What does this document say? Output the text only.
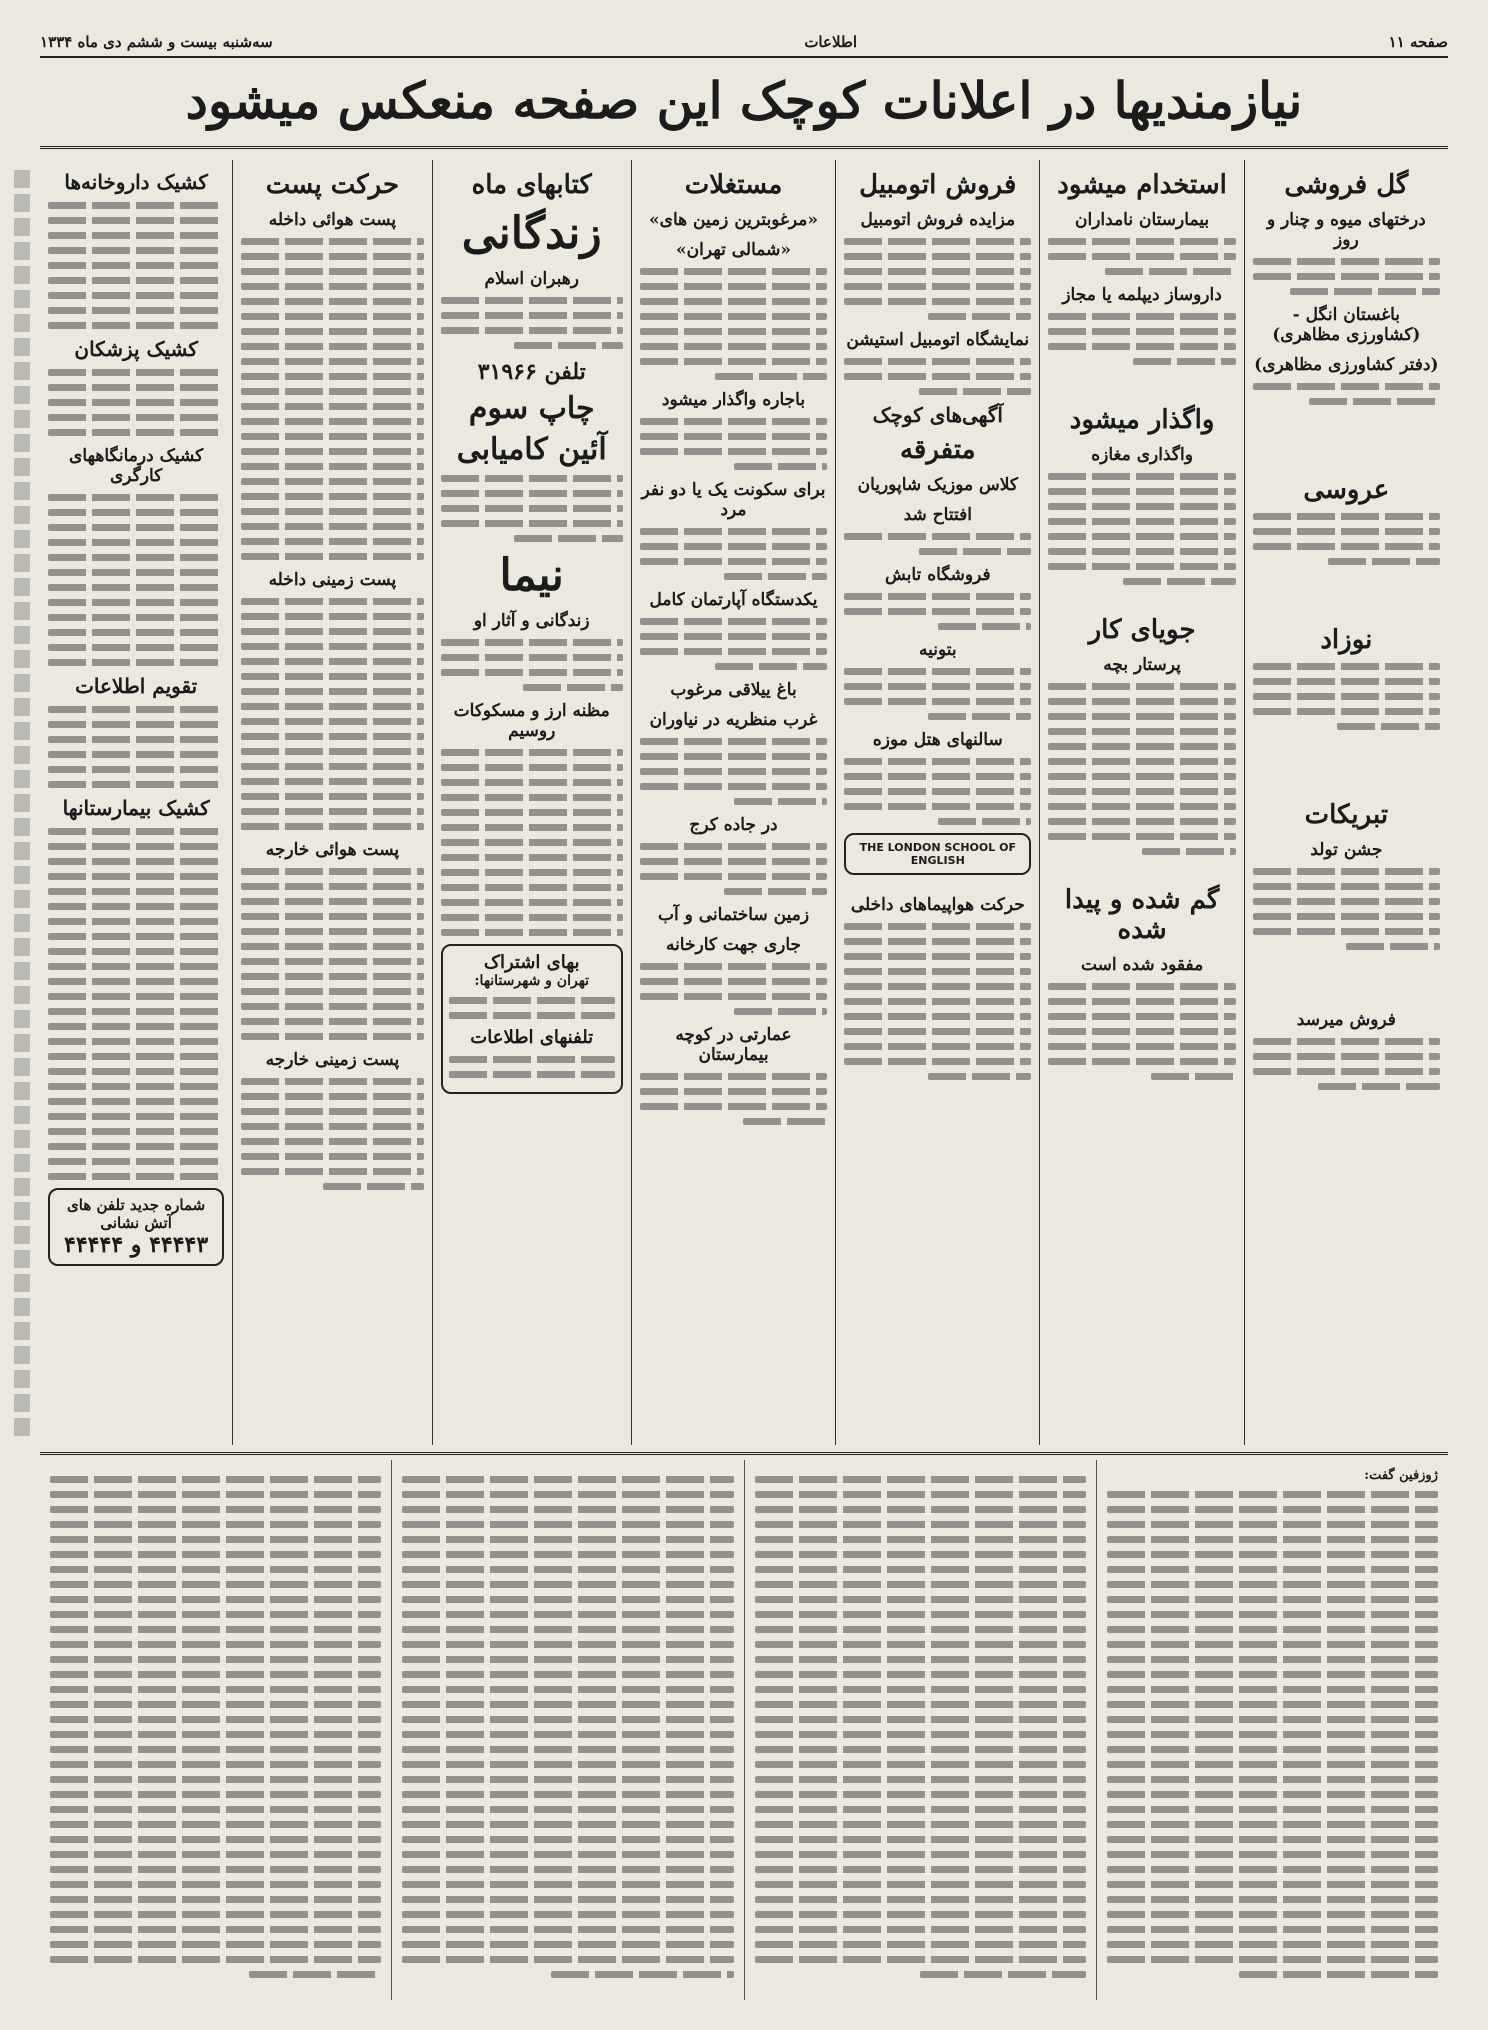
صفحه ۱۱
اطلاعات
سه‌شنبه بیست و ششم دی ماه ۱۳۳۴
نیازمندیها در اعلانات کوچک این صفحه منعکس میشود
گل فروشی
درختهای میوه و چنار و روز
باغستان انگل - (کشاورزی مظاهری)
(دفتر کشاورزی مظاهری)
عروسی
نوزاد
تبریکات
جشن تولد
فروش میرسد
استخدام میشود
بیمارستان نامداران
داروساز دیپلمه یا مجاز
واگذار میشود
واگذاری مغازه
جویای کار
پرستار بچه
گم شده و پیدا شده
مفقود شده است
فروش اتومبیل
مزایده فروش اتومبیل
نمایشگاه اتومبیل استیشن
آگهی‌های کوچک
متفرقه
کلاس موزیک شاپوریان
افتتاح شد
فروشگاه تابش
بتونیه
سالنهای هتل موزه
THE LONDON SCHOOL OF ENGLISH
حرکت هواپیماهای داخلی
مستغلات
«مرغوبترین زمین های»
«شمالی تهران»
باجاره واگذار میشود
برای سکونت یک یا دو نفر مرد
یکدستگاه آپارتمان کامل
باغ ییلاقی مرغوب
غرب منظریه در نیاوران
در جاده کرج
زمین ساختمانی و آب
جاری جهت کارخانه
عمارتی در کوچه بیمارستان
کتابهای ماه
زندگانی
رهبران اسلام
تلفن ۳۱۹۶۶
چاپ سوم
آئین کامیابی
نیما
زندگانی و آثار او
مظنه ارز و مسکوکات روسیم
بهای اشتراک
تهران و شهرستانها:
تلفنهای اطلاعات
حرکت پست
پست هوائی داخله
پست زمینی داخله
پست هوائی خارجه
پست زمینی خارجه
کشیک داروخانه‌ها
کشیک پزشکان
کشیک درمانگاههای کارگری
تقویم اطلاعات
کشیک بیمارستانها
شماره جدید تلفن های
آتش نشانی
۴۴۴۴۳ و ۴۴۴۴۴
ژوزفین گفت:
